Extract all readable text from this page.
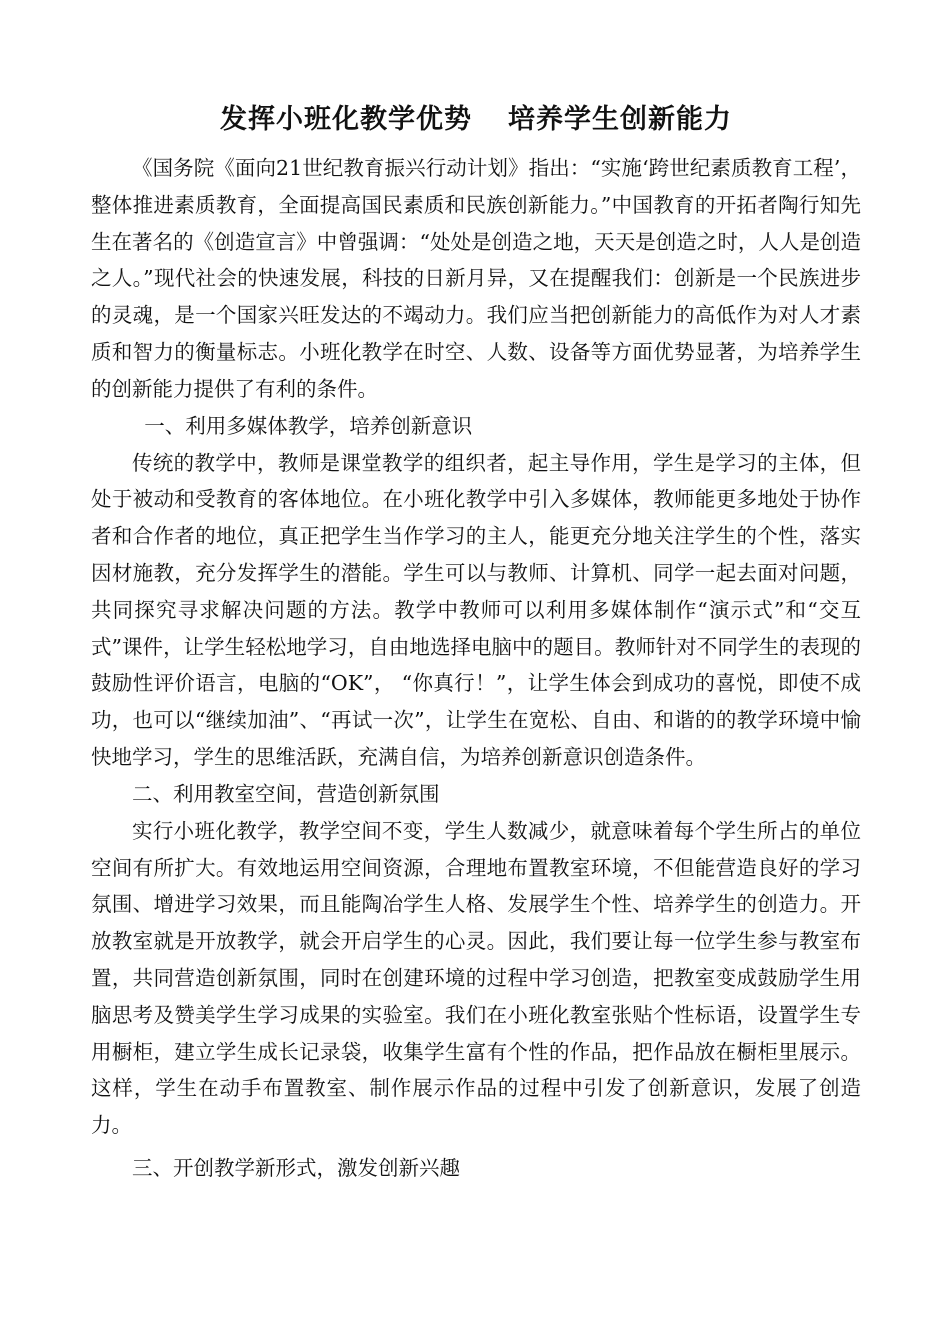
发挥小班化教学优势 培养学生创新能力

《国务院《面向21世纪教育振兴行动计划》指出：“实施‘跨世纪素质教育工程’，整体推进素质教育，全面提高国民素质和民族创新能力。”中国教育的开拓者陶行知先生在著名的《创造宣言》中曾强调：“处处是创造之地，天天是创造之时，人人是创造之人。”现代社会的快速发展，科技的日新月异，又在提醒我们：创新是一个民族进步的灵魂，是一个国家兴旺发达的不竭动力。我们应当把创新能力的高低作为对人才素质和智力的衡量标志。小班化教学在时空、人数、设备等方面优势显著，为培养学生的创新能力提供了有利的条件。

一、利用多媒体教学，培养创新意识

传统的教学中，教师是课堂教学的组织者，起主导作用，学生是学习的主体，但处于被动和受教育的客体地位。在小班化教学中引入多媒体，教师能更多地处于协作者和合作者的地位，真正把学生当作学习的主人，能更充分地关注学生的个性，落实因材施教，充分发挥学生的潜能。学生可以与教师、计算机、同学一起去面对问题，共同探究寻求解决问题的方法。教学中教师可以利用多媒体制作“演示式”和“交互式”课件，让学生轻松地学习，自由地选择电脑中的题目。教师针对不同学生的表现的鼓励性评价语言，电脑的“OK”， “你真行！”，让学生体会到成功的喜悦，即使不成功，也可以“继续加油”、“再试一次”，让学生在宽松、自由、和谐的的教学环境中愉快地学习，学生的思维活跃，充满自信，为培养创新意识创造条件。

二、利用教室空间，营造创新氛围

实行小班化教学，教学空间不变，学生人数减少，就意味着每个学生所占的单位空间有所扩大。有效地运用空间资源，合理地布置教室环境，不但能营造良好的学习氛围、增进学习效果，而且能陶冶学生人格、发展学生个性、培养学生的创造力。开放教室就是开放教学，就会开启学生的心灵。因此，我们要让每一位学生参与教室布置，共同营造创新氛围，同时在创建环境的过程中学习创造，把教室变成鼓励学生用脑思考及赞美学生学习成果的实验室。我们在小班化教室张贴个性标语，设置学生专用橱柜，建立学生成长记录袋，收集学生富有个性的作品，把作品放在橱柜里展示。这样，学生在动手布置教室、制作展示作品的过程中引发了创新意识，发展了创造力。

三、开创教学新形式，激发创新兴趣
